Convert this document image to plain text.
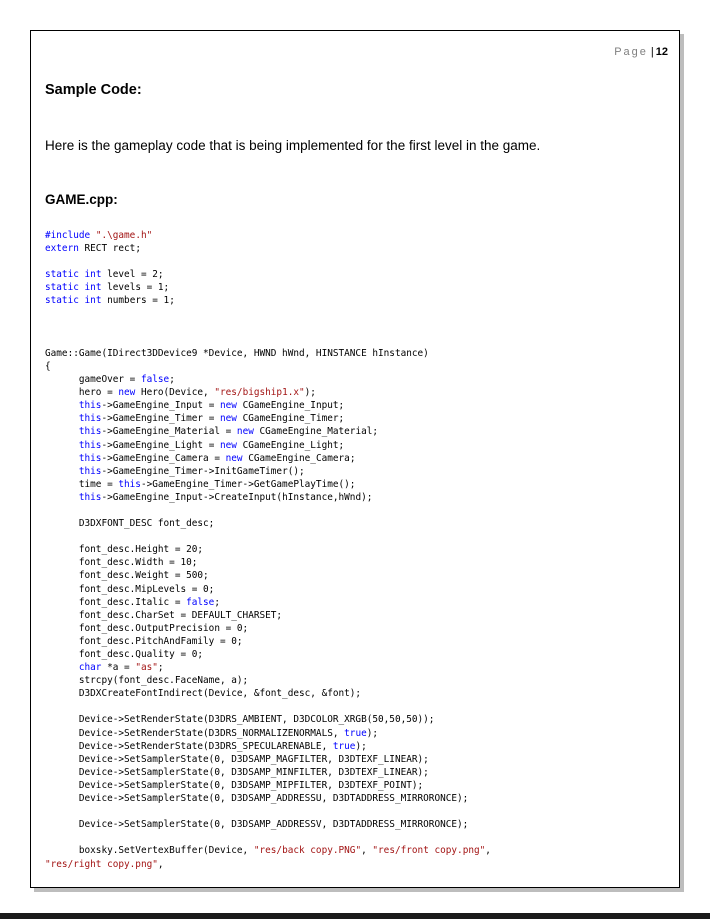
Page | 12
Sample Code:
Here is the gameplay code that is being implemented for the first level in the game.
GAME.cpp:
#include ".\game.h"
extern RECT rect;

static int level = 2;
static int levels = 1;
static int numbers = 1;

Game::Game(IDirect3DDevice9 *Device, HWND hWnd, HINSTANCE hInstance)
{
gameOver = false;
hero = new Hero(Device, "res/bigship1.x");
this->GameEngine_Input = new CGameEngine_Input;
this->GameEngine_Timer = new CGameEngine_Timer;
this->GameEngine_Material = new CGameEngine_Material;
this->GameEngine_Light = new CGameEngine_Light;
this->GameEngine_Camera = new CGameEngine_Camera;
this->GameEngine_Timer->InitGameTimer();
time = this->GameEngine_Timer->GetGamePlayTime();
this->GameEngine_Input->CreateInput(hInstance,hWnd);

D3DXFONT_DESC font_desc;

font_desc.Height = 20;
font_desc.Width = 10;
font_desc.Weight = 500;
font_desc.MipLevels = 0;
font_desc.Italic = false;
font_desc.CharSet = DEFAULT_CHARSET;
font_desc.OutputPrecision = 0;
font_desc.PitchAndFamily = 0;
font_desc.Quality = 0;
char *a = "as";
strcpy(font_desc.FaceName, a);
D3DXCreateFontIndirect(Device, &font_desc, &font);

Device->SetRenderState(D3DRS_AMBIENT, D3DCOLOR_XRGB(50,50,50));
Device->SetRenderState(D3DRS_NORMALIZENORMALS, true);
Device->SetRenderState(D3DRS_SPECULARENABLE, true);
Device->SetSamplerState(0, D3DSAMP_MAGFILTER, D3DTEXF_LINEAR);
Device->SetSamplerState(0, D3DSAMP_MINFILTER, D3DTEXF_LINEAR);
Device->SetSamplerState(0, D3DSAMP_MIPFILTER, D3DTEXF_POINT);
Device->SetSamplerState(0, D3DSAMP_ADDRESSU, D3DTADDRESS_MIRRORONCE);

Device->SetSamplerState(0, D3DSAMP_ADDRESSV, D3DTADDRESS_MIRRORONCE);

boxsky.SetVertexBuffer(Device, "res/back copy.PNG", "res/front copy.png",
"res/right copy.png",
